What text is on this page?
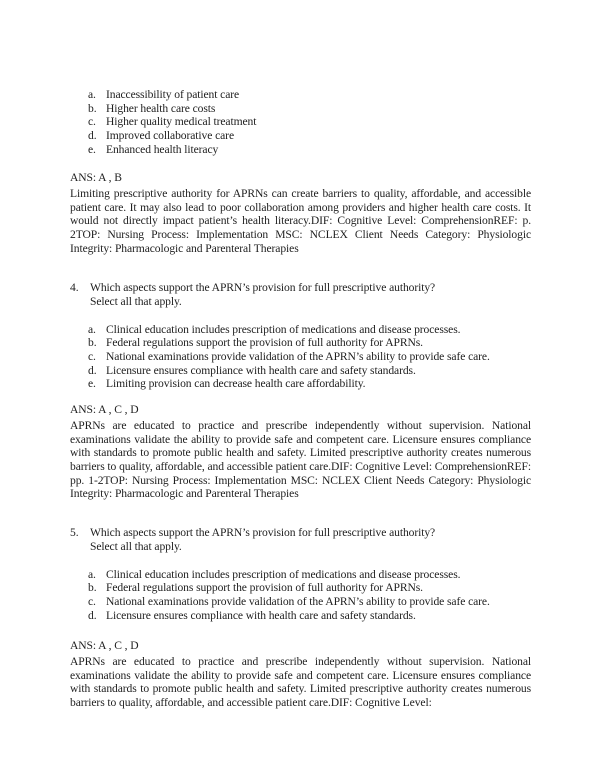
a. Inaccessibility of patient care
b. Higher health care costs
c. Higher quality medical treatment
d. Improved collaborative care
e. Enhanced health literacy
ANS: A , B
Limiting prescriptive authority for APRNs can create barriers to quality, affordable, and accessible patient care. It may also lead to poor collaboration among providers and higher health care costs. It would not directly impact patient’s health literacy.DIF: Cognitive Level: ComprehensionREF: p. 2TOP: Nursing Process: Implementation MSC: NCLEX Client Needs Category: Physiologic Integrity: Pharmacologic and Parenteral Therapies
4. Which aspects support the APRN’s provision for full prescriptive authority?
Select all that apply.
a. Clinical education includes prescription of medications and disease processes.
b. Federal regulations support the provision of full authority for APRNs.
c. National examinations provide validation of the APRN’s ability to provide safe care.
d. Licensure ensures compliance with health care and safety standards.
e. Limiting provision can decrease health care affordability.
ANS: A , C , D
APRNs are educated to practice and prescribe independently without supervision. National examinations validate the ability to provide safe and competent care. Licensure ensures compliance with standards to promote public health and safety. Limited prescriptive authority creates numerous barriers to quality, affordable, and accessible patient care.DIF: Cognitive Level: ComprehensionREF: pp. 1-2TOP: Nursing Process: Implementation MSC: NCLEX Client Needs Category: Physiologic Integrity: Pharmacologic and Parenteral Therapies
5. Which aspects support the APRN’s provision for full prescriptive authority?
Select all that apply.
a. Clinical education includes prescription of medications and disease processes.
b. Federal regulations support the provision of full authority for APRNs.
c. National examinations provide validation of the APRN’s ability to provide safe care.
d. Licensure ensures compliance with health care and safety standards.
ANS: A , C , D
APRNs are educated to practice and prescribe independently without supervision. National examinations validate the ability to provide safe and competent care. Licensure ensures compliance with standards to promote public health and safety. Limited prescriptive authority creates numerous barriers to quality, affordable, and accessible patient care.DIF: Cognitive Level:
